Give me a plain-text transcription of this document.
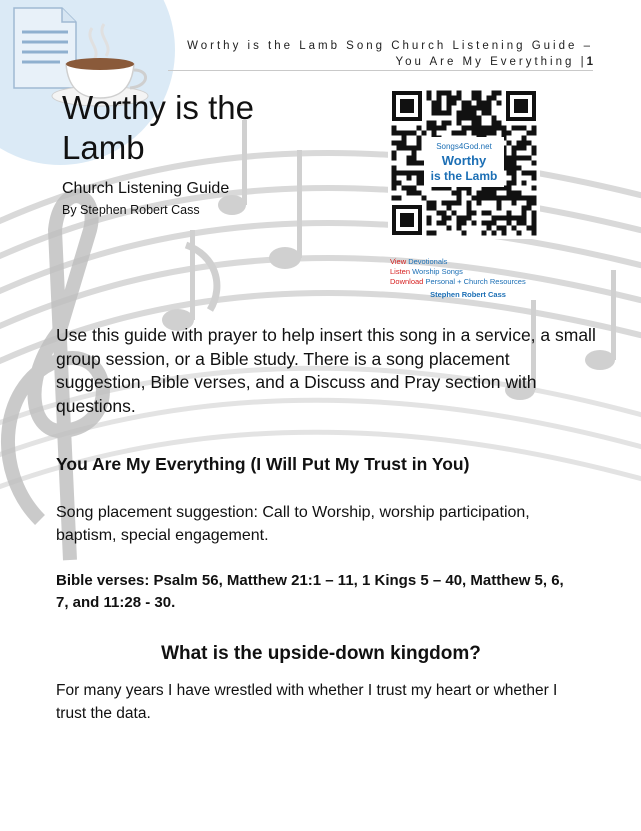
Worthy is the Lamb Song Church Listening Guide –
You Are My Everything |1
Worthy is the
Lamb
Church Listening Guide
By Stephen Robert Cass
Songs4God.net
Worthy
is the Lamb
View Devotionals
Listen Worship Songs
Download Personal + Church Resources
Stephen Robert Cass

Use this guide with prayer to help insert this song in a service, a small group session, or a Bible study. There is a song placement suggestion, Bible verses, and a Discuss and Pray section with questions.

You Are My Everything (I Will Put My Trust in You)

Song placement suggestion: Call to Worship, worship participation, baptism, special engagement.

Bible verses: Psalm 56, Matthew 21:1 – 11, 1 Kings 5 – 40, Matthew 5, 6, 7, and 11:28 - 30.

What is the upside-down kingdom?

For many years I have wrestled with whether I trust my heart or whether I trust the data.
